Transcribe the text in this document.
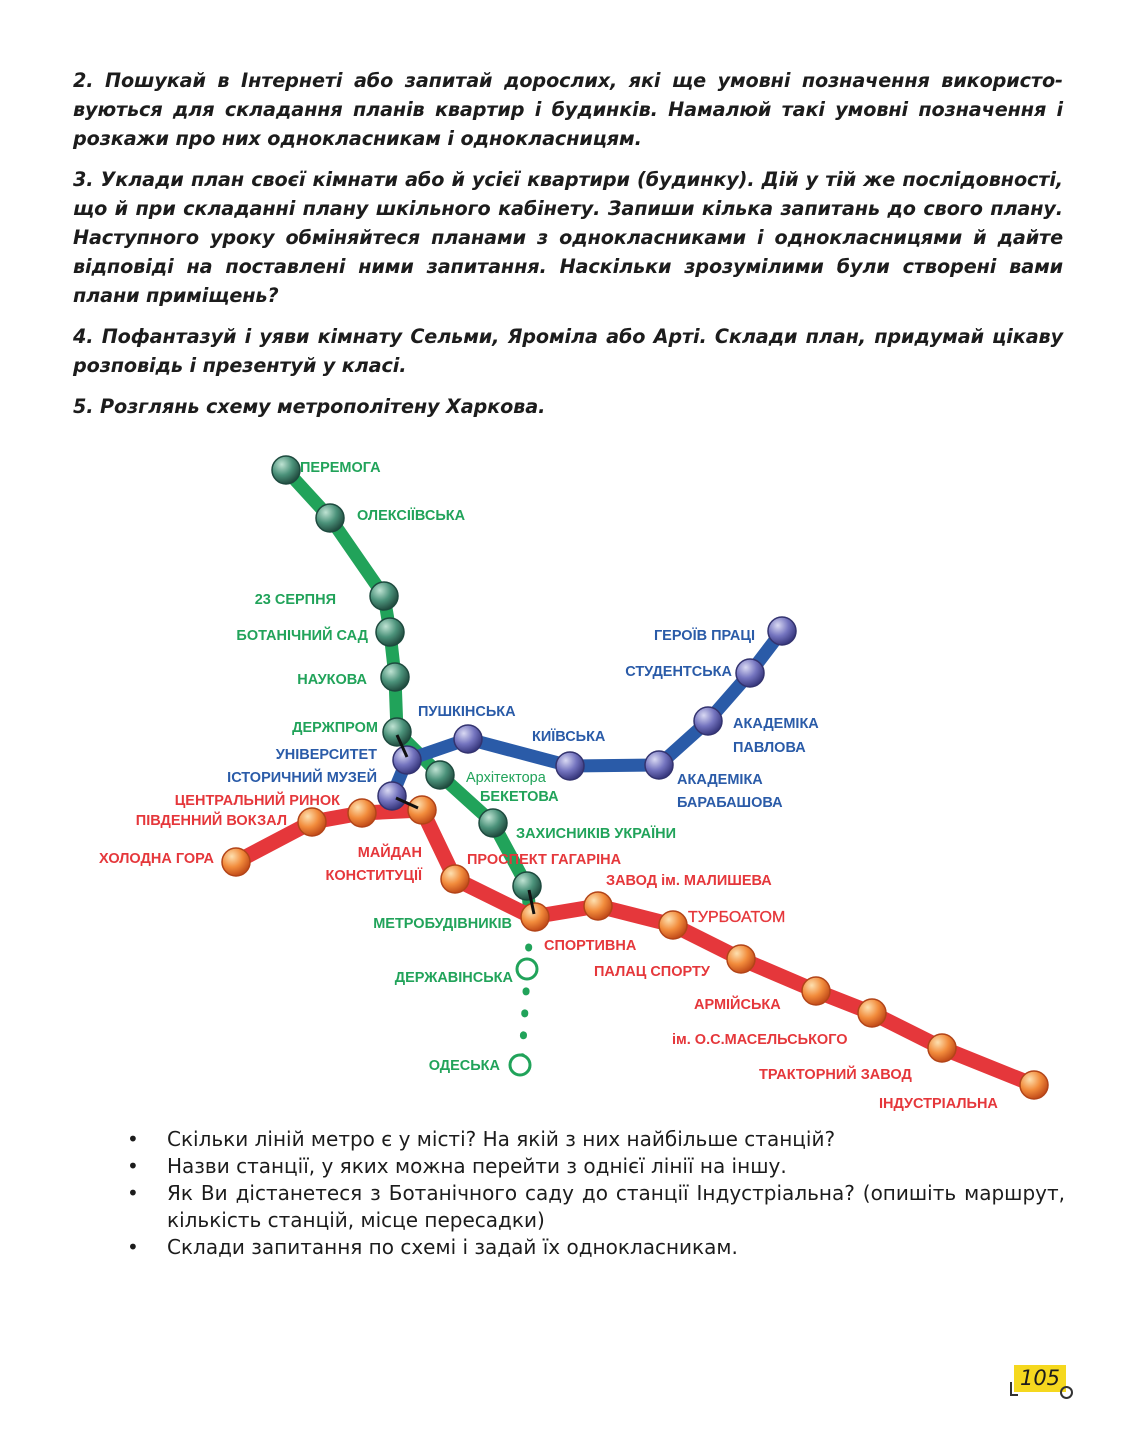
2. Пошукай в Інтернеті або запитай дорослих, які ще умовні позначення використовуються для складання планів квартир і будинків. Намалюй такі умовні позначення і розкажи про них однокласникам і однокласницям.

3. Уклади план своєї кімнати або й усієї квартири (будинку). Дій у тій же послідовності, що й при складанні плану шкільного кабінету. Запиши кілька запитань до свого плану. Наступного уроку обміняйтеся планами з однокласниками і однокласницями й дайте відповіді на поставлені ними запитання. Наскільки зрозумілими були створені вами плани приміщень?

4. Пофантазуй і уяви кімнату Сельми, Яроміла або Арті. Склади план, придумай цікаву розповідь і презентуй у класі.

5. Розглянь схему метрополітену Харкова.

ПЕРЕМОГА
ОЛЕКСІЇВСЬКА
23 СЕРПНЯ
БОТАНІЧНИЙ САД
НАУКОВА
ДЕРЖПРОМ
Архітектора
БЕКЕТОВА
ЗАХИСНИКІВ УКРАЇНИ
МЕТРОБУДІВНИКІВ
СПОРТИВНА
ДЕРЖАВІНСЬКА
ОДЕСЬКА
ГЕРОЇВ ПРАЦІ
СТУДЕНТСЬКА
АКАДЕМІКА
ПАВЛОВА
АКАДЕМІКА
БАРАБАШОВА
КИЇВСЬКА
ПУШКІНСЬКА
УНІВЕРСИТЕТ
ІСТОРИЧНИЙ МУЗЕЙ
ХОЛОДНА ГОРА
ПІВДЕННИЙ ВОКЗАЛ
ЦЕНТРАЛЬНИЙ РИНОК
МАЙДАН
КОНСТИТУЦІЇ
ПРОСПЕКТ ГАГАРІНА
ЗАВОД ім. МАЛИШЕВА
ТУРБОАТОМ
ПАЛАЦ СПОРТУ
АРМІЙСЬКА
ім. О.С.МАСЕЛЬСЬКОГО
ТРАКТОРНИЙ ЗАВОД
ІНДУСТРІАЛЬНА
• Скільки ліній метро є у місті? На якій з них найбільше станцій?
• Назви станції, у яких можна перейти з однієї лінії на іншу.
• Як Ви дістанетеся з Ботанічного саду до станції Індустріальна? (опишіть маршрут, кількість станцій, місце пересадки)
• Склади запитання по схемі і задай їх однокласникам.
105
